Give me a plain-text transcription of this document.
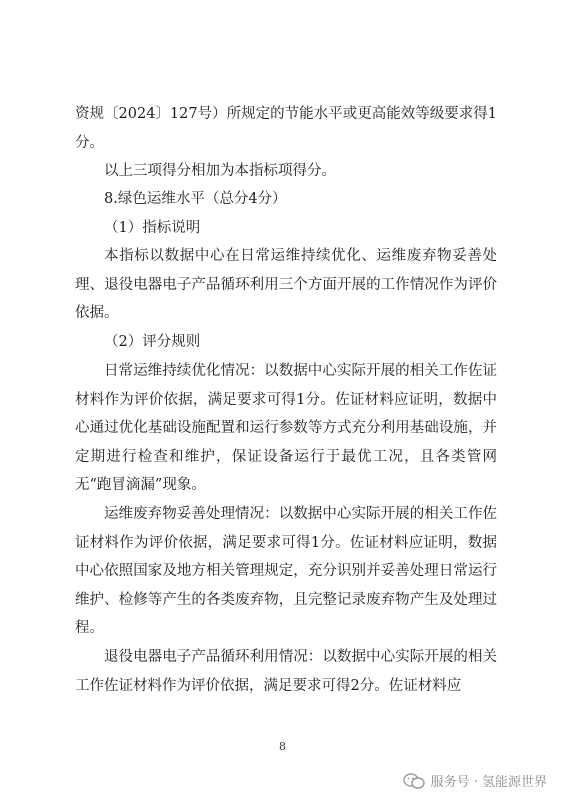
资规〔2024〕127号）所规定的节能水平或更高能效等级要求得1分。

以上三项得分相加为本指标项得分。

8.绿色运维水平（总分4分）

（1）指标说明

本指标以数据中心在日常运维持续优化、运维废弃物妥善处理、退役电器电子产品循环利用三个方面开展的工作情况作为评价依据。

（2）评分规则

日常运维持续优化情况：以数据中心实际开展的相关工作佐证材料作为评价依据，满足要求可得1分。佐证材料应证明，数据中心通过优化基础设施配置和运行参数等方式充分利用基础设施，并定期进行检查和维护，保证设备运行于最优工况，且各类管网无“跑冒滴漏”现象。

运维废弃物妥善处理情况：以数据中心实际开展的相关工作佐证材料作为评价依据，满足要求可得1分。佐证材料应证明，数据中心依照国家及地方相关管理规定，充分识别并妥善处理日常运行维护、检修等产生的各类废弃物，且完整记录废弃物产生及处理过程。

退役电器电子产品循环利用情况：以数据中心实际开展的相关工作佐证材料作为评价依据，满足要求可得2分。佐证材料应

8
服务号 · 氢能源世界
